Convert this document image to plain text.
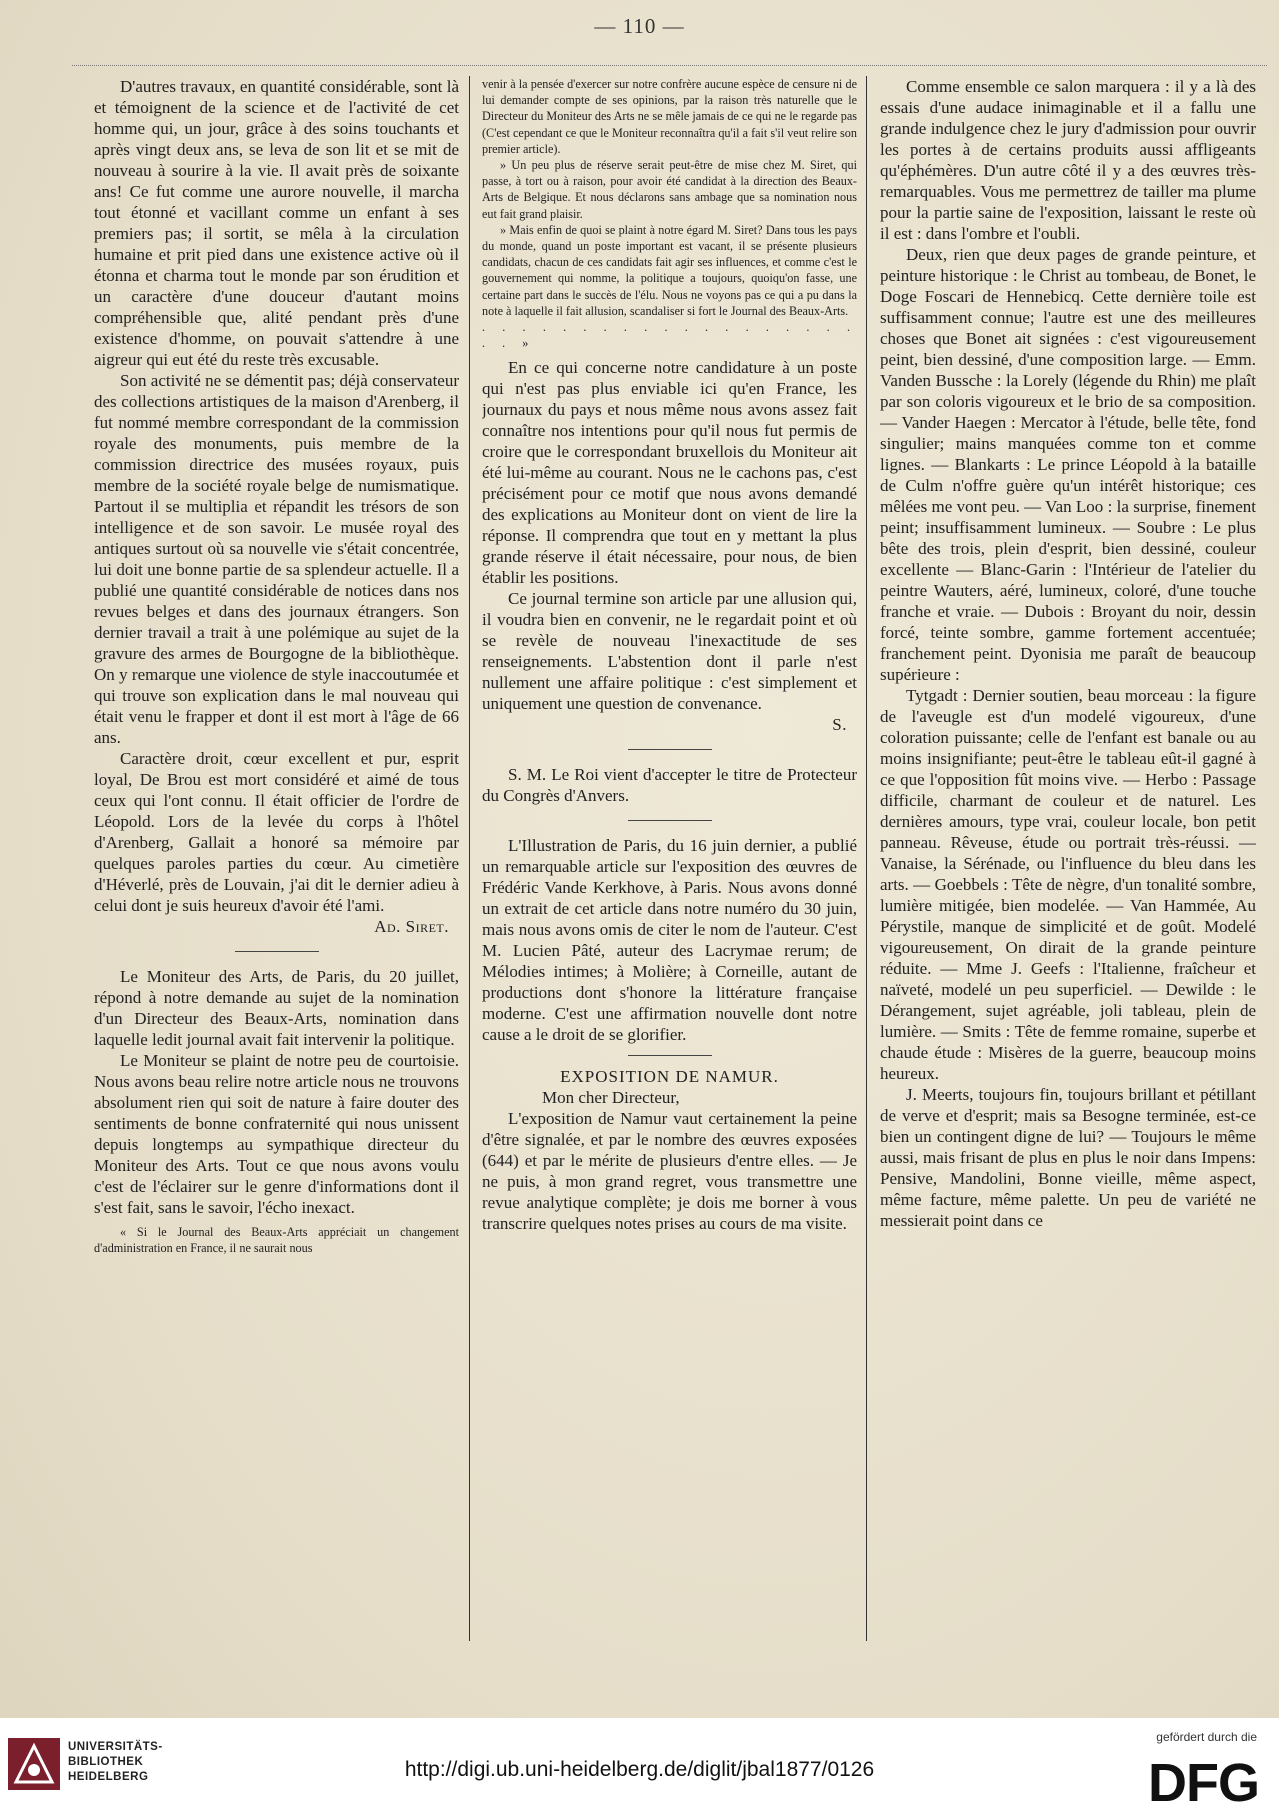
— 110 —

D'autres travaux, en quantité considérable, sont là et témoignent de la science et de l'activité de cet homme qui, un jour, grâce à des soins touchants et après vingt deux ans, se leva de son lit et se mit de nouveau à sourire à la vie. Il avait près de soixante ans! Ce fut comme une aurore nouvelle, il marcha tout étonné et vacillant comme un enfant à ses premiers pas; il sortit, se mêla à la circulation humaine et prit pied dans une existence active où il étonna et charma tout le monde par son érudition et un caractère d'une douceur d'autant moins compréhensible que, alité pendant près d'une existence d'homme, on pouvait s'attendre à une aigreur qui eut été du reste très excusable.

Son activité ne se démentit pas; déjà conservateur des collections artistiques de la maison d'Arenberg, il fut nommé membre correspondant de la commission royale des monuments, puis membre de la commission directrice des musées royaux, puis membre de la société royale belge de numismatique. Partout il se multiplia et répandit les trésors de son intelligence et de son savoir. Le musée royal des antiques surtout où sa nouvelle vie s'était concentrée, lui doit une bonne partie de sa splendeur actuelle. Il a publié une quantité considérable de notices dans nos revues belges et dans des journaux étrangers. Son dernier travail a trait à une polémique au sujet de la gravure des armes de Bourgogne de la bibliothèque. On y remarque une violence de style inaccoutumée et qui trouve son explication dans le mal nouveau qui était venu le frapper et dont il est mort à l'âge de 66 ans.

Caractère droit, cœur excellent et pur, esprit loyal, De Brou est mort considéré et aimé de tous ceux qui l'ont connu. Il était officier de l'ordre de Léopold. Lors de la levée du corps à l'hôtel d'Arenberg, Gallait a honoré sa mémoire par quelques paroles parties du cœur. Au cimetière d'Héverlé, près de Louvain, j'ai dit le dernier adieu à celui dont je suis heureux d'avoir été l'ami.

Ad. Siret.

Le Moniteur des Arts, de Paris, du 20 juillet, répond à notre demande au sujet de la nomination d'un Directeur des Beaux-Arts, nomination dans laquelle ledit journal avait fait intervenir la politique.

Le Moniteur se plaint de notre peu de courtoisie. Nous avons beau relire notre article nous ne trouvons absolument rien qui soit de nature à faire douter des sentiments de bonne confraternité qui nous unissent depuis longtemps au sympathique directeur du Moniteur des Arts. Tout ce que nous avons voulu c'est de l'éclairer sur le genre d'informations dont il s'est fait, sans le savoir, l'écho inexact.

« Si le Journal des Beaux-Arts appréciait un changement d'administration en France, il ne saurait nous

venir à la pensée d'exercer sur notre confrère aucune espèce de censure ni de lui demander compte de ses opinions, par la raison très naturelle que le Directeur du Moniteur des Arts ne se mêle jamais de ce qui ne le regarde pas (C'est cependant ce que le Moniteur reconnaîtra qu'il a fait s'il veut relire son premier article).

» Un peu plus de réserve serait peut-être de mise chez M. Siret, qui passe, à tort ou à raison, pour avoir été candidat à la direction des Beaux-Arts de Belgique. Et nous déclarons sans ambage que sa nomination nous eut fait grand plaisir.

» Mais enfin de quoi se plaint à notre égard M. Siret? Dans tous les pays du monde, quand un poste important est vacant, il se présente plusieurs candidats, chacun de ces candidats fait agir ses influences, et comme c'est le gouvernement qui nomme, la politique a toujours, quoiqu'on fasse, une certaine part dans le succès de l'élu. Nous ne voyons pas ce qui a pu dans la note à laquelle il fait allusion, scandaliser si fort le Journal des Beaux-Arts.

. . . . . . . . . . . . . . . . . . . . . »

En ce qui concerne notre candidature à un poste qui n'est pas plus enviable ici qu'en France, les journaux du pays et nous même nous avons assez fait connaître nos intentions pour qu'il nous fut permis de croire que le correspondant bruxellois du Moniteur ait été lui-même au courant. Nous ne le cachons pas, c'est précisément pour ce motif que nous avons demandé des explications au Moniteur dont on vient de lire la réponse. Il comprendra que tout en y mettant la plus grande réserve il était nécessaire, pour nous, de bien établir les positions.

Ce journal termine son article par une allusion qui, il voudra bien en convenir, ne le regardait point et où se revèle de nouveau l'inexactitude de ses renseignements. L'abstention dont il parle n'est nullement une affaire politique : c'est simplement et uniquement une question de convenance.

S.

S. M. Le Roi vient d'accepter le titre de Protecteur du Congrès d'Anvers.

L'Illustration de Paris, du 16 juin dernier, a publié un remarquable article sur l'exposition des œuvres de Frédéric Vande Kerkhove, à Paris. Nous avons donné un extrait de cet article dans notre numéro du 30 juin, mais nous avons omis de citer le nom de l'auteur. C'est M. Lucien Pâté, auteur des Lacrymae rerum; de Mélodies intimes; à Molière; à Corneille, autant de productions dont s'honore la littérature française moderne. C'est une affirmation nouvelle dont notre cause a le droit de se glorifier.

EXPOSITION DE NAMUR.

Mon cher Directeur,

L'exposition de Namur vaut certainement la peine d'être signalée, et par le nombre des œuvres exposées (644) et par le mérite de plusieurs d'entre elles. — Je ne puis, à mon grand regret, vous transmettre une revue analytique complète; je dois me borner à vous transcrire quelques notes prises au cours de ma visite.

Comme ensemble ce salon marquera : il y a là des essais d'une audace inimaginable et il a fallu une grande indulgence chez le jury d'admission pour ouvrir les portes à de certains produits aussi affligeants qu'éphémères. D'un autre côté il y a des œuvres très-remarquables. Vous me permettrez de tailler ma plume pour la partie saine de l'exposition, laissant le reste où il est : dans l'ombre et l'oubli.

Deux, rien que deux pages de grande peinture, et peinture historique : le Christ au tombeau, de Bonet, le Doge Foscari de Hennebicq. Cette dernière toile est suffisamment connue; l'autre est une des meilleures choses que Bonet ait signées : c'est vigoureusement peint, bien dessiné, d'une composition large. — Emm. Vanden Bussche : la Lorely (légende du Rhin) me plaît par son coloris vigoureux et le brio de sa composition. — Vander Haegen : Mercator à l'étude, belle tête, fond singulier; mains manquées comme ton et comme lignes. — Blankarts : Le prince Léopold à la bataille de Culm n'offre guère qu'un intérêt historique; ces mêlées me vont peu. — Van Loo : la surprise, finement peint; insuffisamment lumineux. — Soubre : Le plus bête des trois, plein d'esprit, bien dessiné, couleur excellente — Blanc-Garin : l'Intérieur de l'atelier du peintre Wauters, aéré, lumineux, coloré, d'une touche franche et vraie. — Dubois : Broyant du noir, dessin forcé, teinte sombre, gamme fortement accentuée; franchement peint. Dyonisia me paraît de beaucoup supérieure :

Tytgadt : Dernier soutien, beau morceau : la figure de l'aveugle est d'un modelé vigoureux, d'une coloration puissante; celle de l'enfant est banale ou au moins insignifiante; peut-être le tableau eût-il gagné à ce que l'opposition fût moins vive. — Herbo : Passage difficile, charmant de couleur et de naturel. Les dernières amours, type vrai, couleur locale, bon petit panneau. Rêveuse, étude ou portrait très-réussi. — Vanaise, la Sérénade, ou l'influence du bleu dans les arts. — Goebbels : Tête de nègre, d'un tonalité sombre, lumière mitigée, bien modelée. — Van Hammée, Au Pérystile, manque de simplicité et de goût. Modelé vigoureusement, On dirait de la grande peinture réduite. — Mme J. Geefs : l'Italienne, fraîcheur et naïveté, modelé un peu superficiel. — Dewilde : le Dérangement, sujet agréable, joli tableau, plein de lumière. — Smits : Tête de femme romaine, superbe et chaude étude : Misères de la guerre, beaucoup moins heureux.

J. Meerts, toujours fin, toujours brillant et pétillant de verve et d'esprit; mais sa Besogne terminée, est-ce bien un contingent digne de lui? — Toujours le même aussi, mais frisant de plus en plus le noir dans Impens: Pensive, Mandolini, Bonne vieille, même aspect, même facture, même palette. Un peu de variété ne messierait point dans ce

UNIVERSITÄTS-
BIBLIOTHEK
HEIDELBERG	http://digi.ub.uni-heidelberg.de/diglit/jbal1877/0126
gefördert durch die
DFG
